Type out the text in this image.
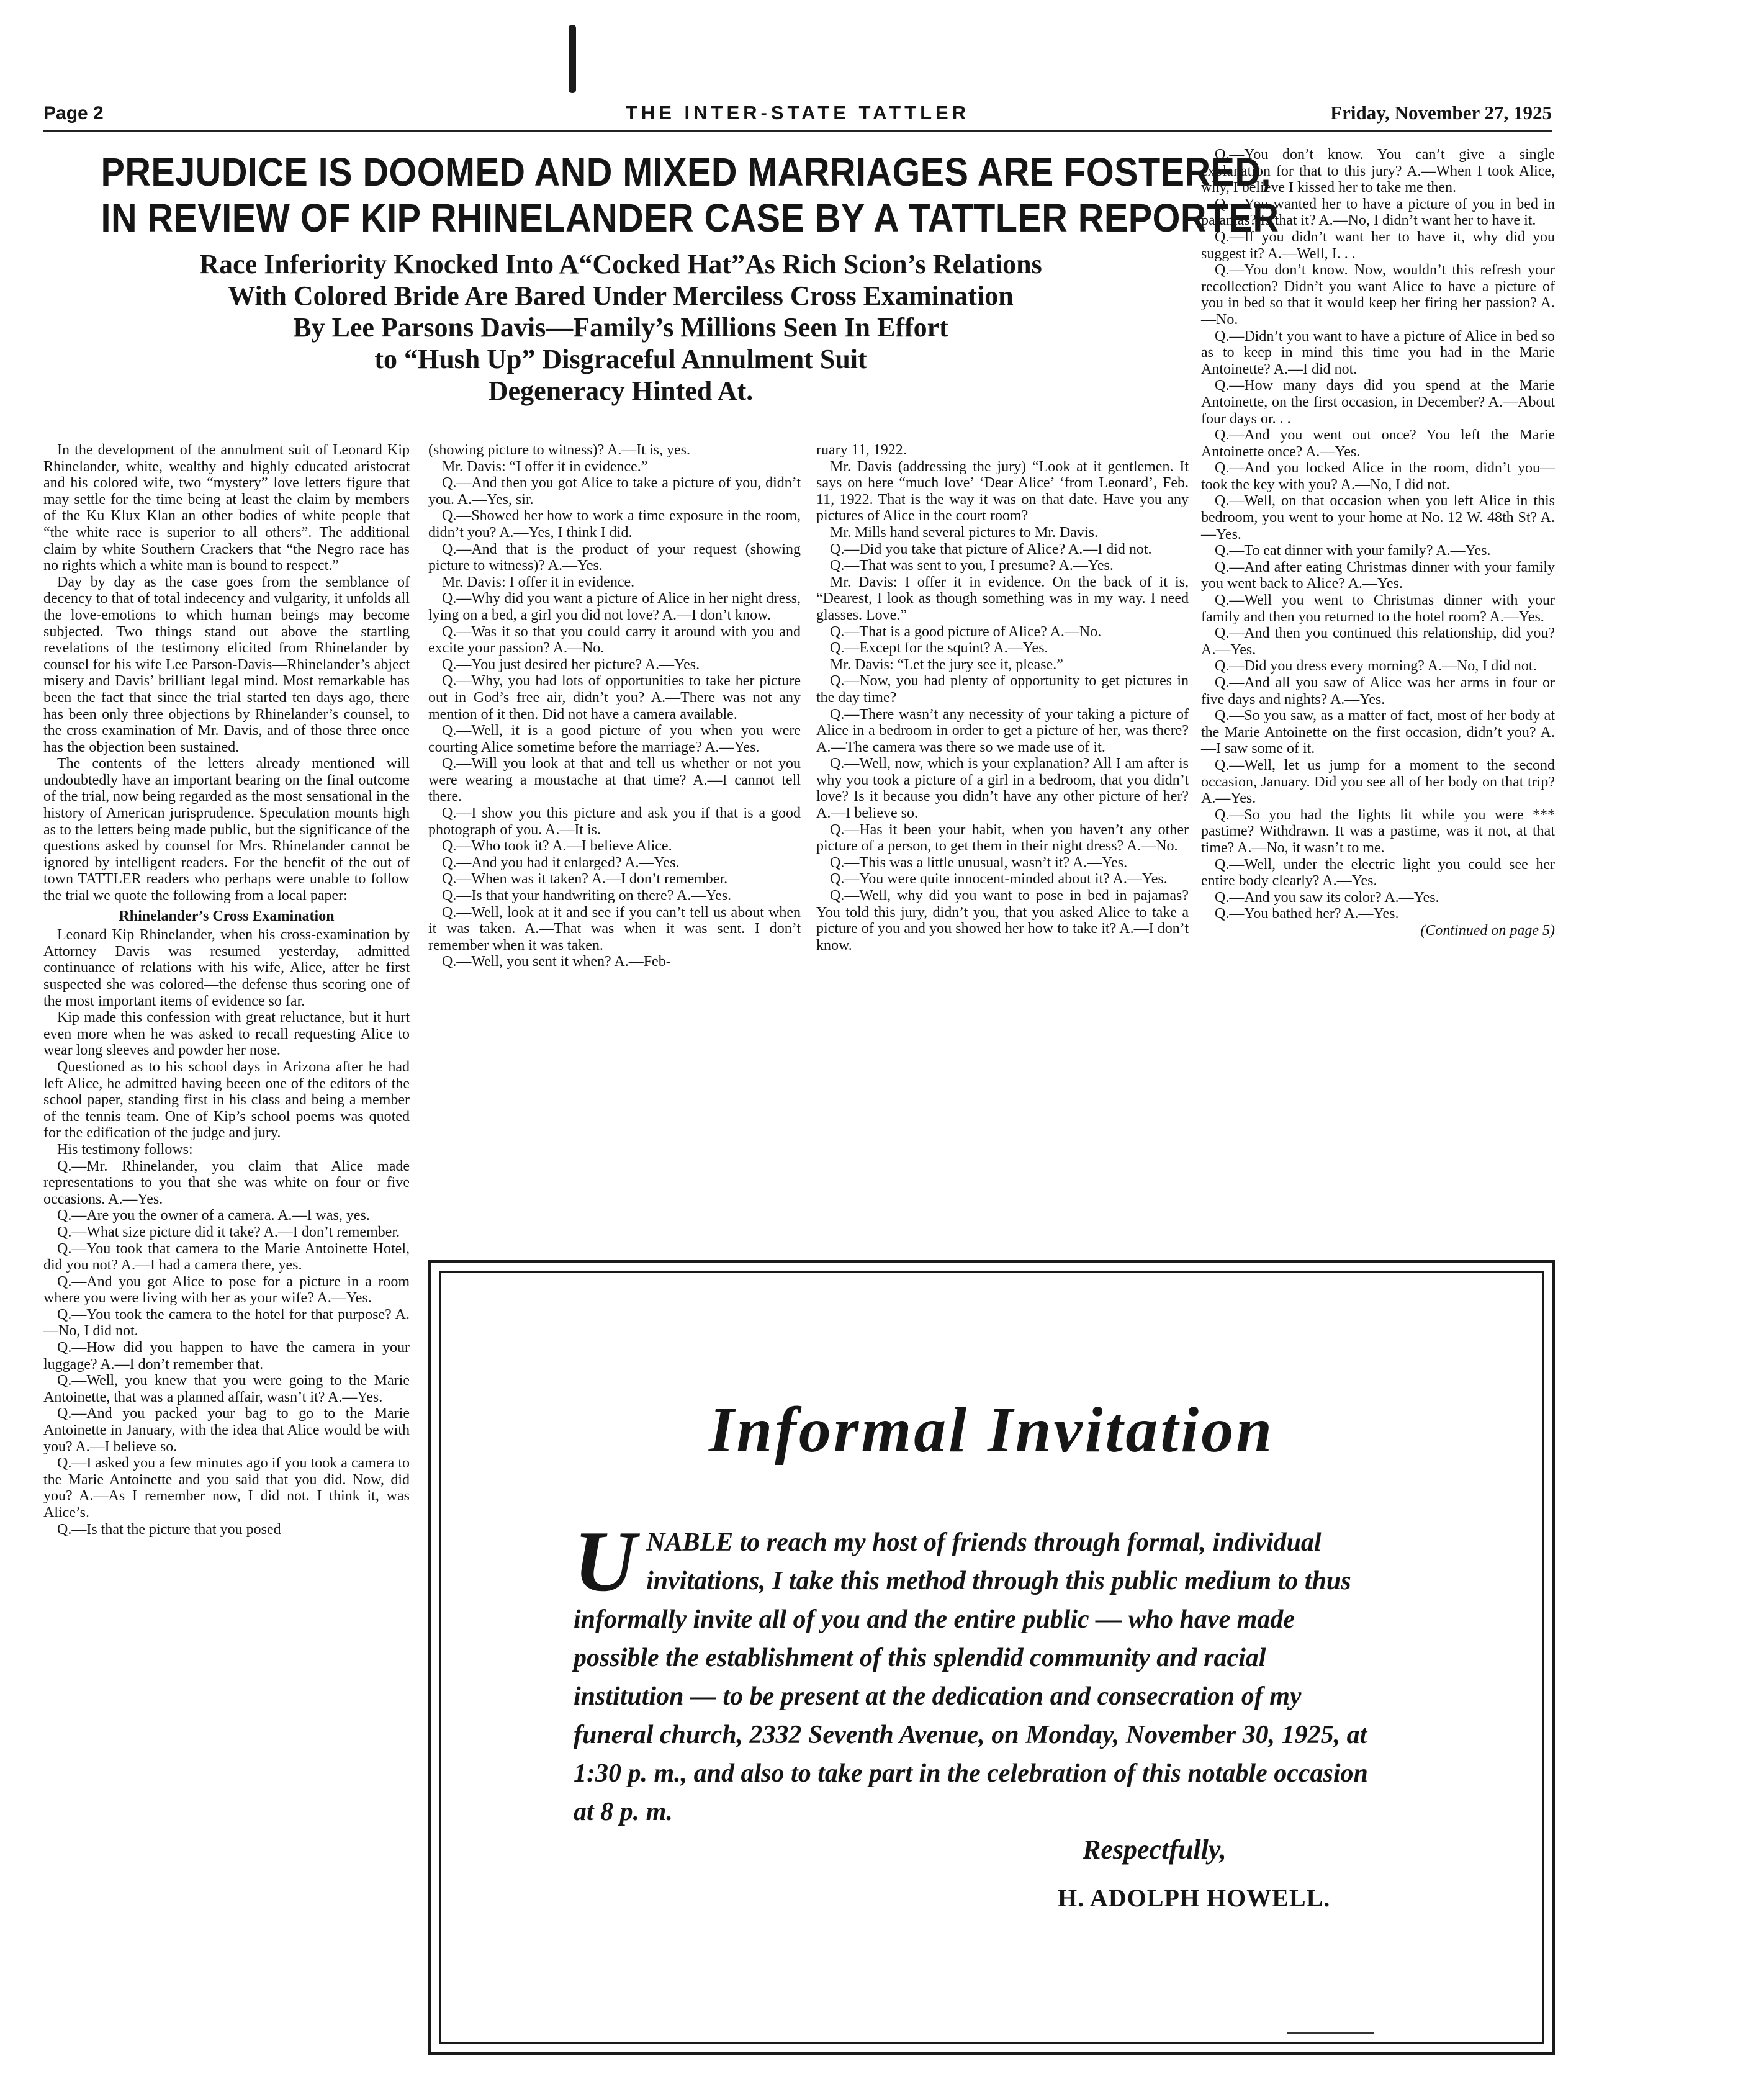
Page 2	THE INTER-STATE TATTLER	Friday, November 27, 1925
PREJUDICE IS DOOMED AND MIXED MARRIAGES ARE FOSTERED,
IN REVIEW OF KIP RHINELANDER CASE BY A TATTLER REPORTER
Race Inferiority Knocked Into A“Cocked Hat”As Rich Scion’s Relations
With Colored Bride Are Bared Under Merciless Cross Examination
By Lee Parsons Davis—Family’s Millions Seen In Effort
to “Hush Up” Disgraceful Annulment Suit
Degeneracy Hinted At.

In the development of the annulment suit of Leonard Kip Rhinelander, white, wealthy and highly educated aristocrat and his colored wife, two “mystery” love letters figure that may settle for the time being at least the claim by members of the Ku Klux Klan an other bodies of white people that “the white race is superior to all others”. The additional claim by white Southern Crackers that “the Negro race has no rights which a white man is bound to respect.”

Day by day as the case goes from the semblance of decency to that of total indecency and vulgarity, it unfolds all the love-emotions to which human beings may become subjected. Two things stand out above the startling revelations of the testimony elicited from Rhinelander by counsel for his wife Lee Parson-Davis—Rhinelander’s abject misery and Davis’ brilliant legal mind. Most remarkable has been the fact that since the trial started ten days ago, there has been only three objections by Rhinelander’s counsel, to the cross examination of Mr. Davis, and of those three once has the objection been sustained.

The contents of the letters already mentioned will undoubtedly have an important bearing on the final outcome of the trial, now being regarded as the most sensational in the history of American jurisprudence. Speculation mounts high as to the letters being made public, but the significance of the questions asked by counsel for Mrs. Rhinelander cannot be ignored by intelligent readers. For the benefit of the out of town TATTLER readers who perhaps were unable to follow the trial we quote the following from a local paper:

Rhinelander’s Cross Examination

Leonard Kip Rhinelander, when his cross-examination by Attorney Davis was resumed yesterday, admitted continuance of relations with his wife, Alice, after he first suspected she was colored—the defense thus scoring one of the most important items of evidence so far.

Kip made this confession with great reluctance, but it hurt even more when he was asked to recall requesting Alice to wear long sleeves and powder her nose.

Questioned as to his school days in Arizona after he had left Alice, he admitted having beeen one of the editors of the school paper, standing first in his class and being a member of the tennis team. One of Kip’s school poems was quoted for the edification of the judge and jury.

His testimony follows:

Q.—Mr. Rhinelander, you claim that Alice made representations to you that she was white on four or five occasions. A.—Yes.

Q.—Are you the owner of a camera. A.—I was, yes.

Q.—What size picture did it take? A.—I don’t remember.

Q.—You took that camera to the Marie Antoinette Hotel, did you not? A.—I had a camera there, yes.

Q.—And you got Alice to pose for a picture in a room where you were living with her as your wife? A.—Yes.

Q.—You took the camera to the hotel for that purpose? A.—No, I did not.

Q.—How did you happen to have the camera in your luggage? A.—I don’t remember that.

Q.—Well, you knew that you were going to the Marie Antoinette, that was a planned affair, wasn’t it? A.—Yes.

Q.—And you packed your bag to go to the Marie Antoinette in January, with the idea that Alice would be with you? A.—I believe so.

Q.—I asked you a few minutes ago if you took a camera to the Marie Antoinette and you said that you did. Now, did you? A.—As I remember now, I did not. I think it, was Alice’s.

Q.—Is that the picture that you posed

(showing picture to witness)? A.—It is, yes.

Mr. Davis: “I offer it in evidence.”

Q.—And then you got Alice to take a picture of you, didn’t you. A.—Yes, sir.

Q.—Showed her how to work a time exposure in the room, didn’t you? A.—Yes, I think I did.

Q.—And that is the product of your request (showing picture to witness)? A.—Yes.

Mr. Davis: I offer it in evidence.

Q.—Why did you want a picture of Alice in her night dress, lying on a bed, a girl you did not love? A.—I don’t know.

Q.—Was it so that you could carry it around with you and excite your passion? A.—No.

Q.—You just desired her picture? A.—Yes.

Q.—Why, you had lots of opportunities to take her picture out in God’s free air, didn’t you? A.—There was not any mention of it then. Did not have a camera available.

Q.—Well, it is a good picture of you when you were courting Alice sometime before the marriage? A.—Yes.

Q.—Will you look at that and tell us whether or not you were wearing a moustache at that time? A.—I cannot tell there.

Q.—I show you this picture and ask you if that is a good photograph of you. A.—It is.

Q.—Who took it? A.—I believe Alice.

Q.—And you had it enlarged? A.—Yes.

Q.—When was it taken? A.—I don’t remember.

Q.—Is that your handwriting on there? A.—Yes.

Q.—Well, look at it and see if you can’t tell us about when it was taken. A.—That was when it was sent. I don’t remember when it was taken.

Q.—Well, you sent it when? A.—Feb-

ruary 11, 1922.

Mr. Davis (addressing the jury) “Look at it gentlemen. It says on here “much love’ ‘Dear Alice’ ‘from Leonard’, Feb. 11, 1922. That is the way it was on that date. Have you any pictures of Alice in the court room?

Mr. Mills hand several pictures to Mr. Davis.

Q.—Did you take that picture of Alice? A.—I did not.

Q.—That was sent to you, I presume? A.—Yes.

Mr. Davis: I offer it in evidence. On the back of it is, “Dearest, I look as though something was in my way. I need glasses. Love.”

Q.—That is a good picture of Alice? A.—No.

Q.—Except for the squint? A.—Yes.

Mr. Davis: “Let the jury see it, please.”

Q.—Now, you had plenty of opportunity to get pictures in the day time?

Q.—There wasn’t any necessity of your taking a picture of Alice in a bedroom in order to get a picture of her, was there? A.—The camera was there so we made use of it.

Q.—Well, now, which is your explanation? All I am after is why you took a picture of a girl in a bedroom, that you didn’t love? Is it because you didn’t have any other picture of her? A.—I believe so.

Q.—Has it been your habit, when you haven’t any other picture of a person, to get them in their night dress? A.—No.

Q.—This was a little unusual, wasn’t it? A.—Yes.

Q.—You were quite innocent-minded about it? A.—Yes.

Q.—Well, why did you want to pose in bed in pajamas? You told this jury, didn’t you, that you asked Alice to take a picture of you and you showed her how to take it? A.—I don’t know.

Q.—You don’t know. You can’t give a single explanation for that to this jury? A.—When I took Alice, why, I believe I kissed her to take me then.

Q.—You wanted her to have a picture of you in bed in pajamas? Is that it? A.—No, I didn’t want her to have it.

Q.—If you didn’t want her to have it, why did you suggest it? A.—Well, I. . .

Q.—You don’t know. Now, wouldn’t this refresh your recollection? Didn’t you want Alice to have a picture of you in bed so that it would keep her firing her passion? A.—No.

Q.—Didn’t you want to have a picture of Alice in bed so as to keep in mind this time you had in the Marie Antoinette? A.—I did not.

Q.—How many days did you spend at the Marie Antoinette, on the first occasion, in December? A.—About four days or. . .

Q.—And you went out once? You left the Marie Antoinette once? A.—Yes.

Q.—And you locked Alice in the room, didn’t you—took the key with you? A.—No, I did not.

Q.—Well, on that occasion when you left Alice in this bedroom, you went to your home at No. 12 W. 48th St? A.—Yes.

Q.—To eat dinner with your family? A.—Yes.

Q.—And after eating Christmas dinner with your family you went back to Alice? A.—Yes.

Q.—Well you went to Christmas dinner with your family and then you returned to the hotel room? A.—Yes.

Q.—And then you continued this relationship, did you? A.—Yes.

Q.—Did you dress every morning? A.—No, I did not.

Q.—And all you saw of Alice was her arms in four or five days and nights? A.—Yes.

Q.—So you saw, as a matter of fact, most of her body at the Marie Antoinette on the first occasion, didn’t you? A.—I saw some of it.

Q.—Well, let us jump for a moment to the second occasion, January. Did you see all of her body on that trip? A.—Yes.

Q.—So you had the lights lit while you were *** pastime? Withdrawn. It was a pastime, was it not, at that time? A.—No, it wasn’t to me.

Q.—Well, under the electric light you could see her entire body clearly? A.—Yes.

Q.—And you saw its color? A.—Yes.

Q.—You bathed her? A.—Yes.

(Continued on page 5)

Informal Invitation
U NABLE to reach my host of friends through formal, individual invitations, I take this method through this public medium to thus informally invite all of you and the entire public — who have made possible the establishment of this splendid community and racial institution — to be present at the dedication and consecration of my funeral church, 2332 Seventh Avenue, on Monday, November 30, 1925, at 1:30 p. m., and also to take part in the celebration of this notable occasion at 8 p. m.
Respectfully,
H. ADOLPH HOWELL.
